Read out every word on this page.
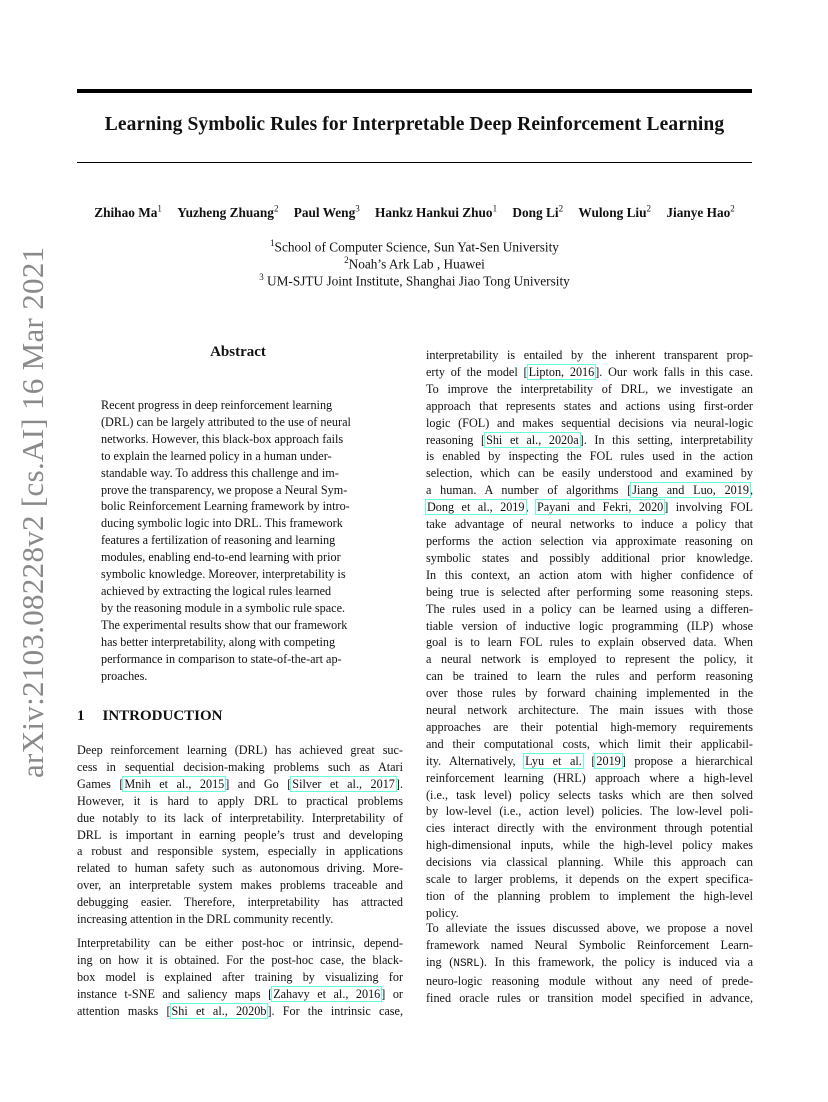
Learning Symbolic Rules for Interpretable Deep Reinforcement Learning
Zhihao Ma$^1$ Yuzheng Zhuang$^2$ Paul Weng$^3$ Hankz Hankui Zhuo$^1$ Dong Li$^2$ Wulong Liu$^2$ Jianye Hao$^2$
$^1$School of Computer Science, Sun Yat-Sen University
$^2$Noah’s Ark Lab , Huawei
$^3$ UM-SJTU Joint Institute, Shanghai Jiao Tong University
arXiv:2103.08228v2 [cs.AI] 16 Mar 2021	Abstract
Recent progress in deep reinforcement learning
(DRL) can be largely attributed to the use of neural
networks. However, this black-box approach fails
to explain the learned policy in a human under-
standable way. To address this challenge and im-
prove the transparency, we propose a Neural Sym-
bolic Reinforcement Learning framework by intro-
ducing symbolic logic into DRL. This framework
features a fertilization of reasoning and learning
modules, enabling end-to-end learning with prior
symbolic knowledge. Moreover, interpretability is
achieved by extracting the logical rules learned
by the reasoning module in a symbolic rule space.
The experimental results show that our framework
has better interpretability, along with competing
performance in comparison to state-of-the-art ap-
proaches.
1 INTRODUCTION
Deep reinforcement learning (DRL) has achieved great suc-
cess in sequential decision-making problems such as Atari
Games [Mnih et al., 2015] and Go [Silver et al., 2017].
However, it is hard to apply DRL to practical problems
due notably to its lack of interpretability. Interpretability of
DRL is important in earning people’s trust and developing
a robust and responsible system, especially in applications
related to human safety such as autonomous driving. More-
over, an interpretable system makes problems traceable and
debugging easier. Therefore, interpretability has attracted
increasing attention in the DRL community recently.
Interpretability can be either post-hoc or intrinsic, depend-
ing on how it is obtained. For the post-hoc case, the black-
box model is explained after training by visualizing for
instance t-SNE and saliency maps [Zahavy et al., 2016] or
attention masks [Shi et al., 2020b]. For the intrinsic case,
interpretability is entailed by the inherent transparent prop-
erty of the model [Lipton, 2016]. Our work falls in this case.
To improve the interpretability of DRL, we investigate an
approach that represents states and actions using first-order
logic (FOL) and makes sequential decisions via neural-logic
reasoning [Shi et al., 2020a]. In this setting, interpretability
is enabled by inspecting the FOL rules used in the action
selection, which can be easily understood and examined by
a human. A number of algorithms [Jiang and Luo, 2019,
Dong et al., 2019, Payani and Fekri, 2020] involving FOL
take advantage of neural networks to induce a policy that
performs the action selection via approximate reasoning on
symbolic states and possibly additional prior knowledge.
In this context, an action atom with higher confidence of
being true is selected after performing some reasoning steps.
The rules used in a policy can be learned using a differen-
tiable version of inductive logic programming (ILP) whose
goal is to learn FOL rules to explain observed data. When
a neural network is employed to represent the policy, it
can be trained to learn the rules and perform reasoning
over those rules by forward chaining implemented in the
neural network architecture. The main issues with those
approaches are their potential high-memory requirements
and their computational costs, which limit their applicabil-
ity. Alternatively, Lyu et al. [2019] propose a hierarchical
reinforcement learning (HRL) approach where a high-level
(i.e., task level) policy selects tasks which are then solved
by low-level (i.e., action level) policies. The low-level poli-
cies interact directly with the environment through potential
high-dimensional inputs, while the high-level policy makes
decisions via classical planning. While this approach can
scale to larger problems, it depends on the expert specifica-
tion of the planning problem to implement the high-level
policy.
To alleviate the issues discussed above, we propose a novel
framework named Neural Symbolic Reinforcement Learn-
ing (NSRL). In this framework, the policy is induced via a
neuro-logic reasoning module without any need of prede-
fined oracle rules or transition model specified in advance,
